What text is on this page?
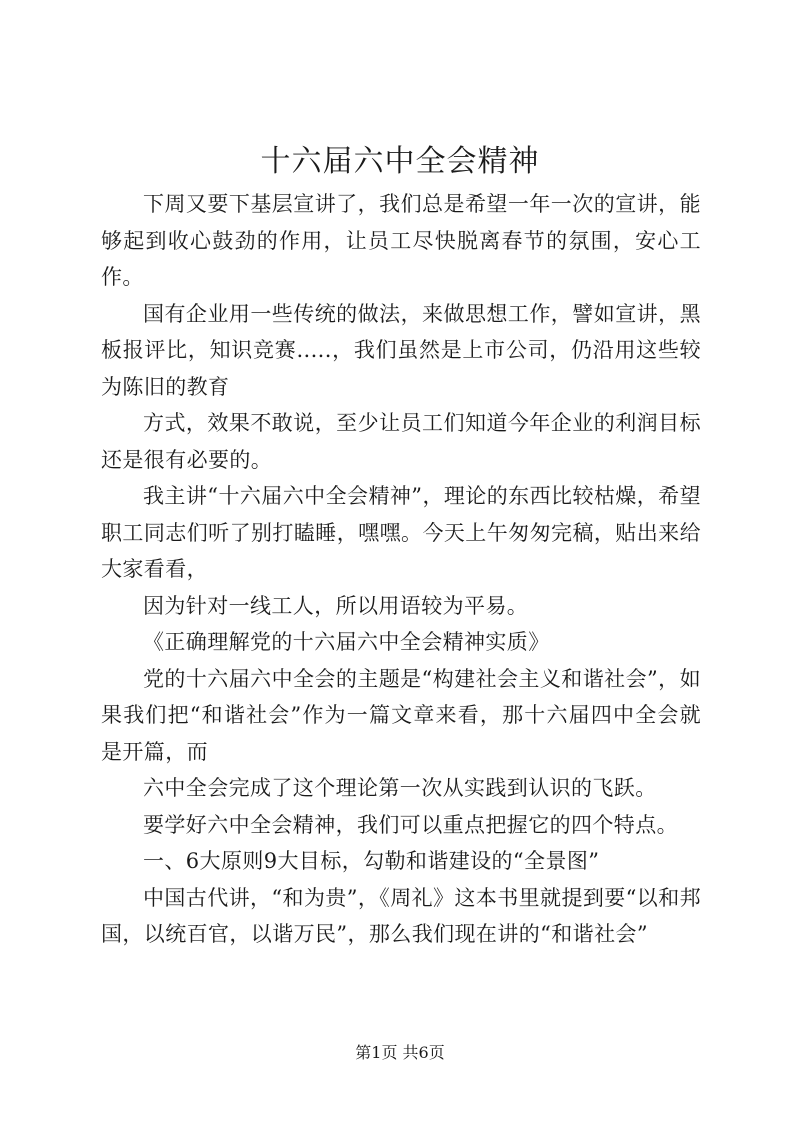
十六届六中全会精神

下周又要下基层宣讲了，我们总是希望一年一次的宣讲，能够起到收心鼓劲的作用，让员工尽快脱离春节的氛围，安心工作。

国有企业用一些传统的做法，来做思想工作，譬如宣讲，黑板报评比，知识竞赛.....，我们虽然是上市公司，仍沿用这些较为陈旧的教育

方式，效果不敢说，至少让员工们知道今年企业的利润目标还是很有必要的。

我主讲“十六届六中全会精神”，理论的东西比较枯燥，希望职工同志们听了别打瞌睡，嘿嘿。今天上午匆匆完稿，贴出来给大家看看，

因为针对一线工人，所以用语较为平易。

《正确理解党的十六届六中全会精神实质》

党的十六届六中全会的主题是“构建社会主义和谐社会”，如果我们把“和谐社会”作为一篇文章来看，那十六届四中全会就是开篇，而

六中全会完成了这个理论第一次从实践到认识的飞跃。

要学好六中全会精神，我们可以重点把握它的四个特点。

一、6大原则9大目标，勾勒和谐建设的“全景图”

中国古代讲，“和为贵”，《周礼》这本书里就提到要“以和邦国，以统百官，以谐万民”，那么我们现在讲的“和谐社会”

第1页 共6页
